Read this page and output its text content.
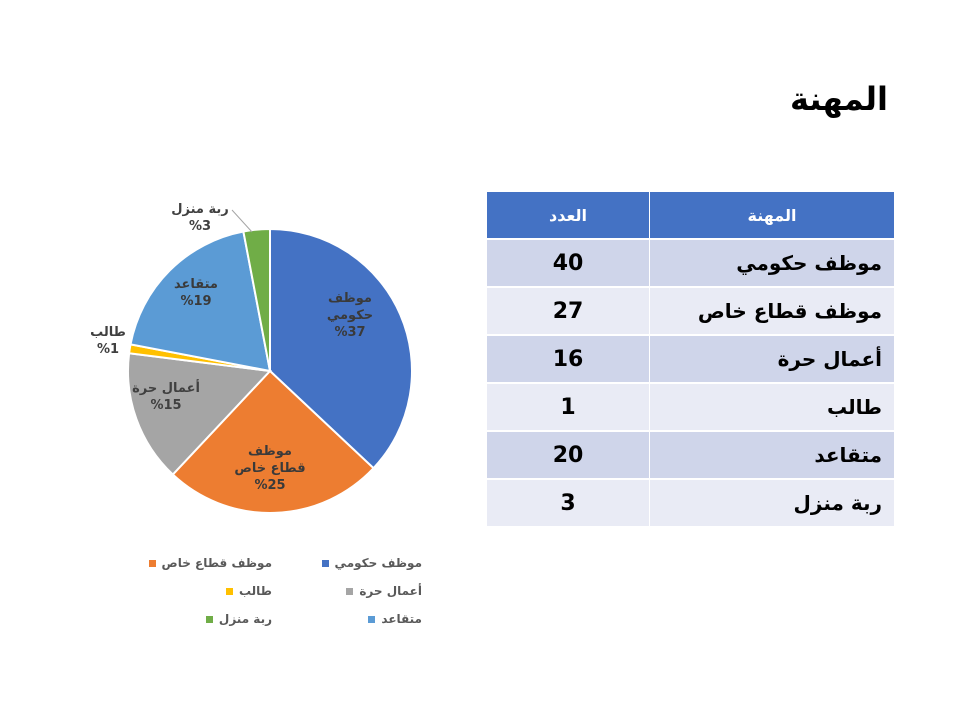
المهنة
موظف حكومي %37
موظف قطاع خاص %25
أعمال حرة %15
طالب %1
متقاعد %19
ربة منزل %3
موظف حكومي
موظف قطاع خاص
أعمال حرة
طالب
متقاعد
ربة منزل
المهنة	العدد
موظف حكومي	40
موظف قطاع خاص	27
أعمال حرة	16
طالب	1
متقاعد	20
ربة منزل	3
